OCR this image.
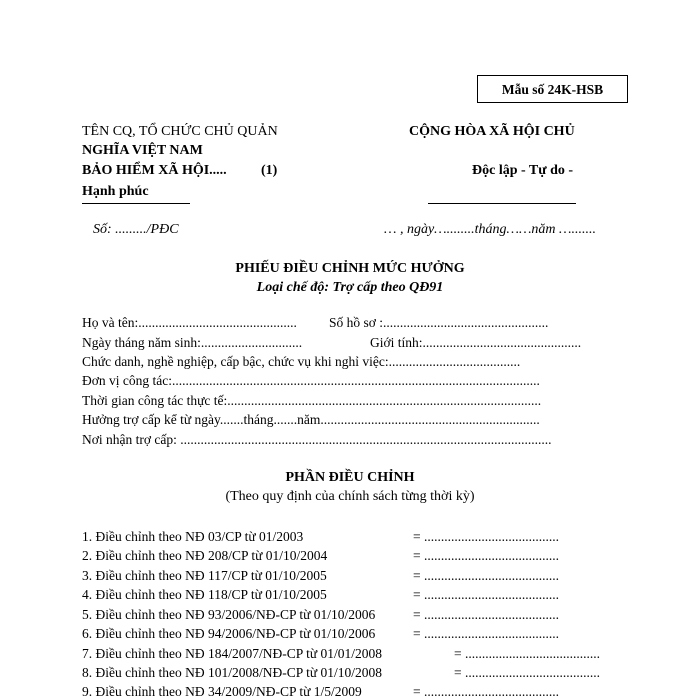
Mẫu số 24K-HSB
TÊN CQ, TỔ CHỨC CHỦ QUẢN
NGHĨA VIỆT NAM
BẢO HIỂM XÃ HỘI..... (1)
Hạnh phúc
CỘNG HÒA XÃ HỘI CHỦ
Độc lập - Tự do -
Số: ........./PĐC	… , ngày…........tháng……năm ….......
PHIẾU ĐIỀU CHỈNH MỨC HƯỞNG
Loại chế độ: Trợ cấp theo QĐ91
Họ và tên:............................................... Số hồ sơ :.................................................
Ngày tháng năm sinh:..............................	Giới tính:...............................................
Chức danh, nghề nghiệp, cấp bậc, chức vụ khi nghỉ việc:.......................................
Đơn vị công tác:.............................................................................................................
Thời gian công tác thực tế:.............................................................................................
Hưởng trợ cấp kể từ ngày.......tháng.......năm.................................................................
Nơi nhận trợ cấp: ..............................................................................................................
PHẦN ĐIỀU CHỈNH
(Theo quy định của chính sách từng thời kỳ)
1. Điều chỉnh theo NĐ 03/CP từ 01/2003	= ........................................
2. Điều chỉnh theo NĐ 208/CP từ 01/10/2004	= ........................................
3. Điều chỉnh theo NĐ 117/CP từ 01/10/2005	= ........................................
4. Điều chỉnh theo NĐ 118/CP từ 01/10/2005	= ........................................
5. Điều chỉnh theo NĐ 93/2006/NĐ-CP từ 01/10/2006	= ........................................
6. Điều chỉnh theo NĐ 94/2006/NĐ-CP từ 01/10/2006	= ........................................
7. Điều chỉnh theo NĐ 184/2007/NĐ-CP từ 01/01/2008	= ........................................
8. Điều chỉnh theo NĐ 101/2008/NĐ-CP từ 01/10/2008	= ........................................
9. Điều chỉnh theo NĐ 34/2009/NĐ-CP từ 1/5/2009	= ........................................
